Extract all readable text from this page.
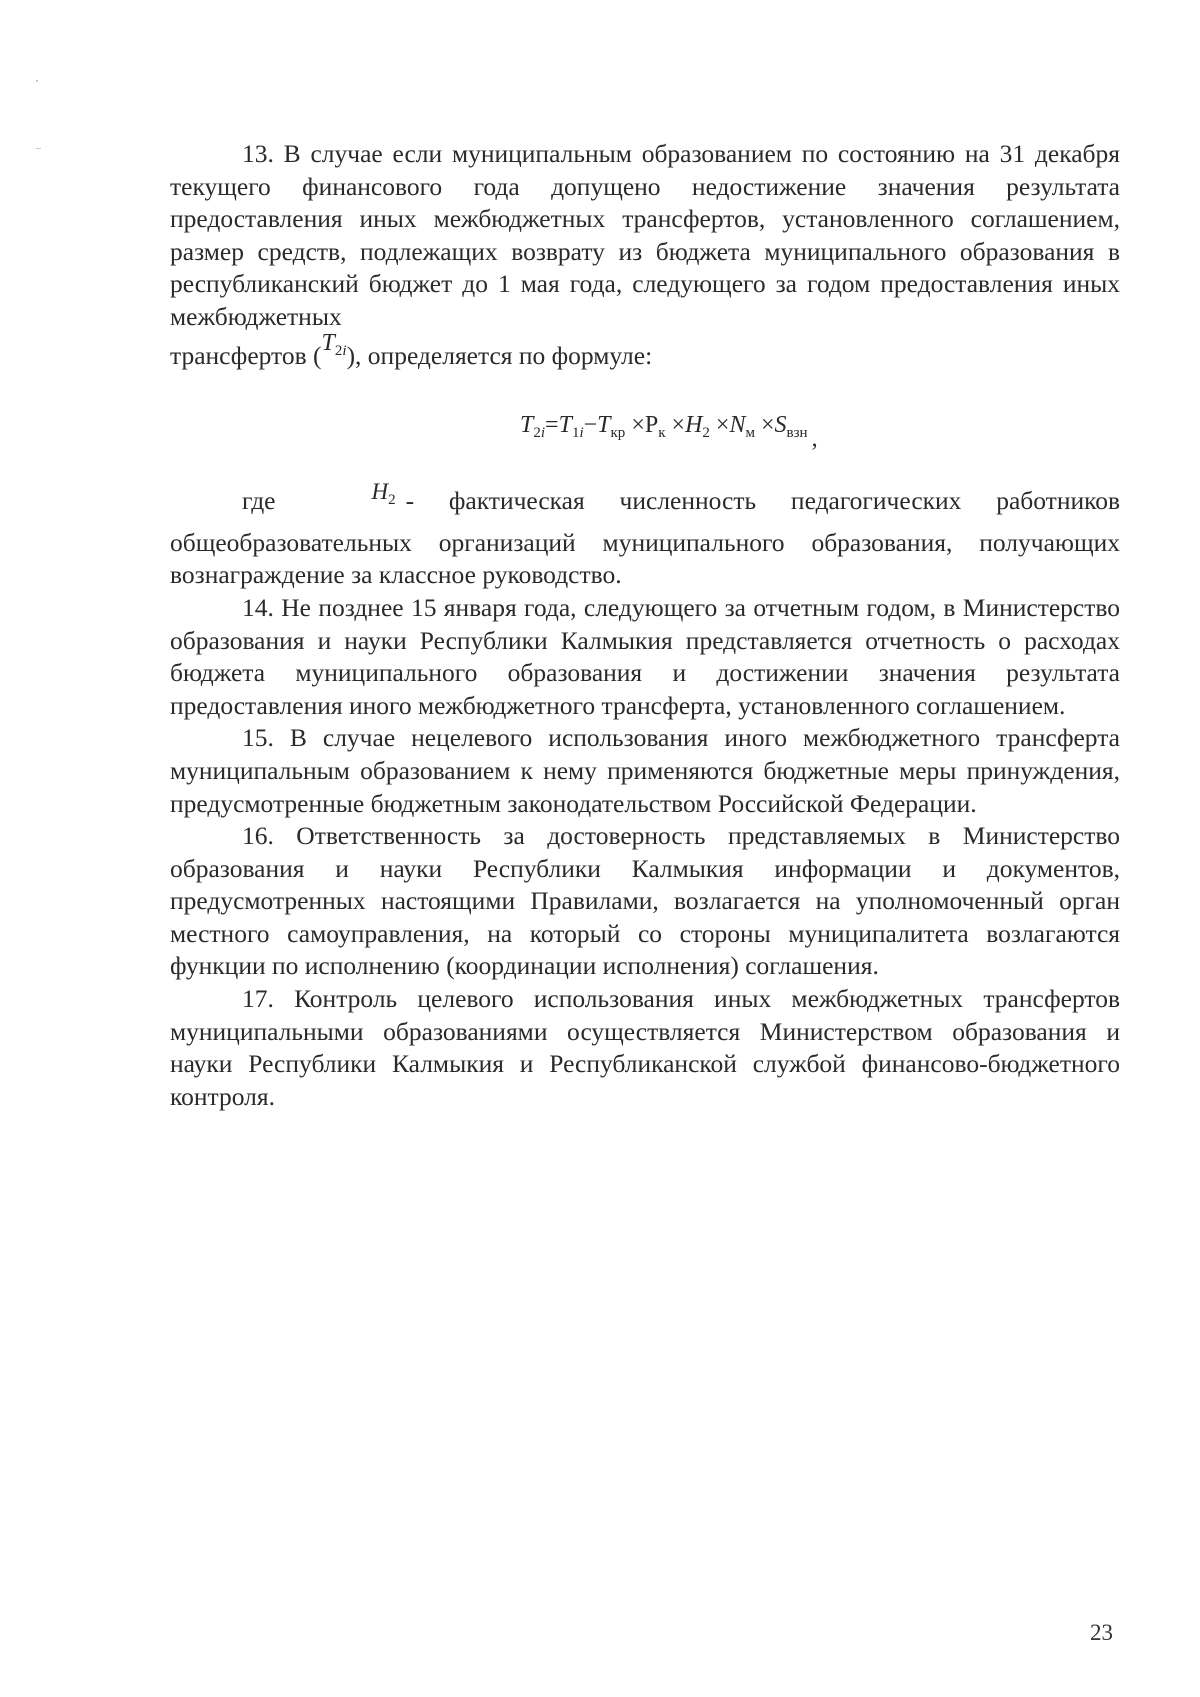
13. В случае если муниципальным образованием по состоянию на 31 декабря текущего финансового года допущено недостижение значения результата предоставления иных межбюджетных трансфертов, установленного соглашением, размер средств, подлежащих возврату из бюджета муниципального образования в республиканский бюджет до 1 мая года, следующего за годом предоставления иных межбюджетных

трансфертов $(T_{2i})$, определяется по формуле:

$T_{2i}=T_{1i}-T_{кр} \times Р_к \times Н_2 \times N_м \times S_{взн}$ ,

где	$Н_2$ - фактическая численность педагогических работников общеобразовательных организаций муниципального образования, получающих вознаграждение за классное руководство.

14. Не позднее 15 января года, следующего за отчетным годом, в Министерство образования и науки Республики Калмыкия представляется отчетность о расходах бюджета муниципального образования и достижении значения результата предоставления иного межбюджетного трансферта, установленного соглашением.

15. В случае нецелевого использования иного межбюджетного трансферта муниципальным образованием к нему применяются бюджетные меры принуждения, предусмотренные бюджетным законодательством Российской Федерации.

16. Ответственность за достоверность представляемых в Министерство образования и науки Республики Калмыкия информации и документов, предусмотренных настоящими Правилами, возлагается на уполномоченный орган местного самоуправления, на который со стороны муниципалитета возлагаются функции по исполнению (координации исполнения) соглашения.

17. Контроль целевого использования иных межбюджетных трансфертов муниципальными образованиями осуществляется Министерством образования и науки Республики Калмыкия и Республиканской службой финансово-бюджетного контроля.

23
